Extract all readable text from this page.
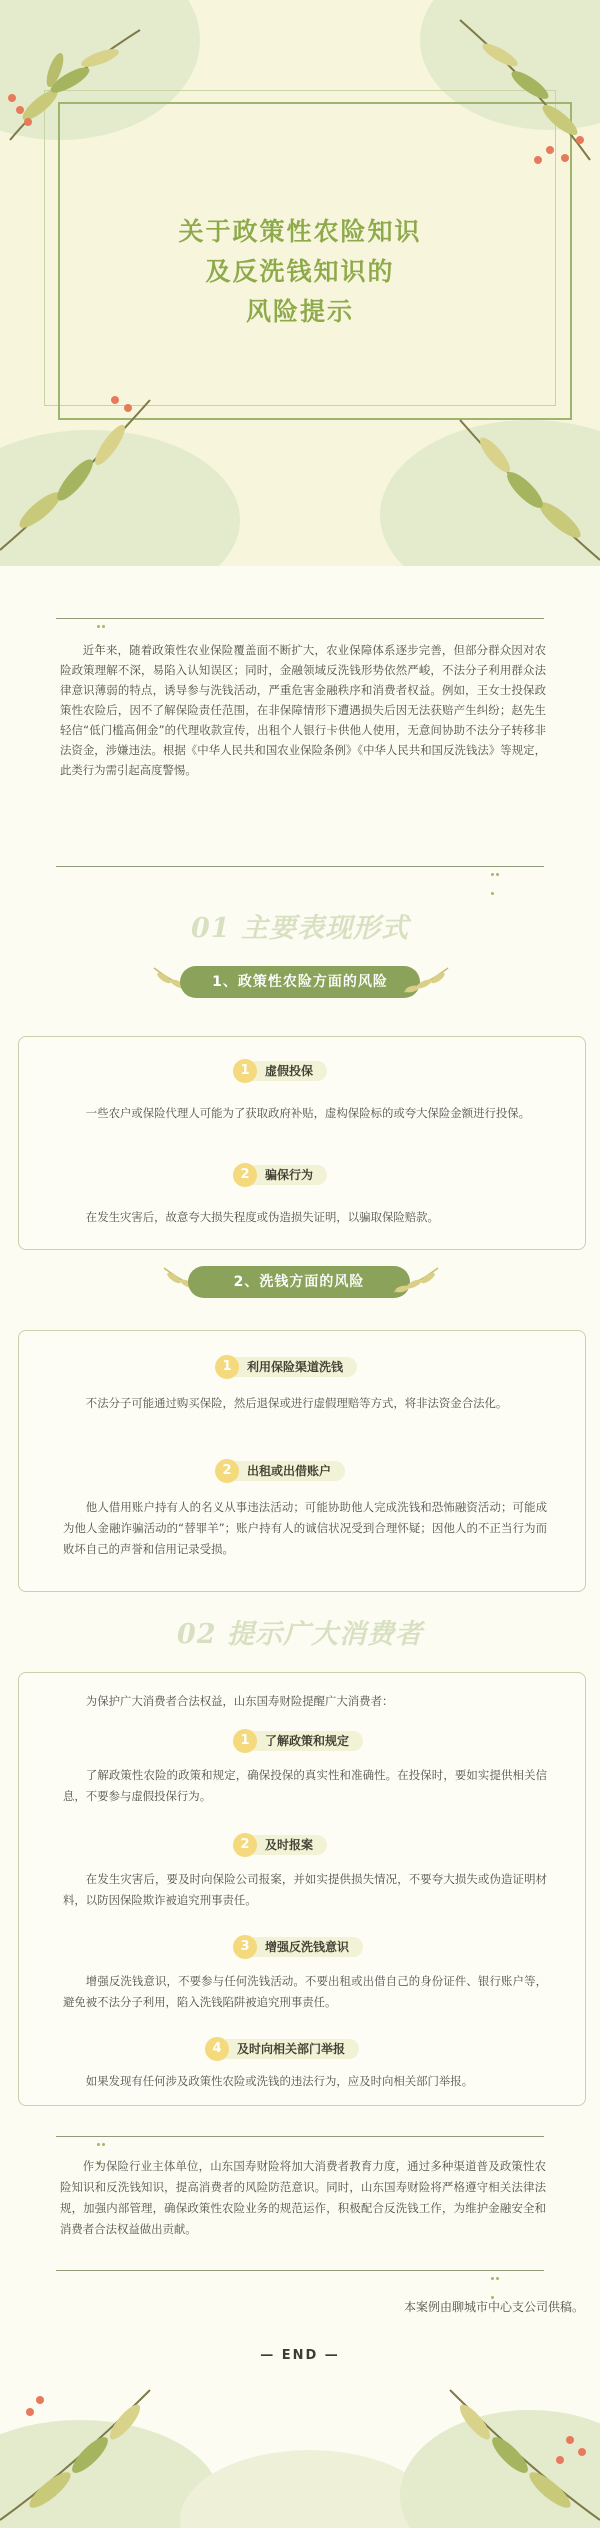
关于政策性农险知识
及反洗钱知识的
风险提示

近年来，随着政策性农业保险覆盖面不断扩大，农业保障体系逐步完善，但部分群众因对农险政策理解不深，易陷入认知误区；同时，金融领域反洗钱形势依然严峻，不法分子利用群众法律意识薄弱的特点，诱导参与洗钱活动，严重危害金融秩序和消费者权益。例如，王女士投保政策性农险后，因不了解保险责任范围，在非保障情形下遭遇损失后因无法获赔产生纠纷；赵先生轻信“低门槛高佣金”的代理收款宣传，出租个人银行卡供他人使用，无意间协助不法分子转移非法资金，涉嫌违法。根据《中华人民共和国农业保险条例》《中华人民共和国反洗钱法》等规定，此类行为需引起高度警惕。

01 主要表现形式
1、政策性农险方面的风险
虚假投保
1

一些农户或保险代理人可能为了获取政府补贴，虚构保险标的或夸大保险金额进行投保。

骗保行为
2

在发生灾害后，故意夸大损失程度或伪造损失证明，以骗取保险赔款。

2、洗钱方面的风险
利用保险渠道洗钱
1

不法分子可能通过购买保险，然后退保或进行虚假理赔等方式，将非法资金合法化。

出租或出借账户
2

他人借用账户持有人的名义从事违法活动；可能协助他人完成洗钱和恐怖融资活动；可能成为他人金融诈骗活动的“替罪羊”；账户持有人的诚信状况受到合理怀疑；因他人的不正当行为而败坏自己的声誉和信用记录受损。

02 提示广大消费者

为保护广大消费者合法权益，山东国寿财险提醒广大消费者：

了解政策和规定
1

了解政策性农险的政策和规定，确保投保的真实性和准确性。在投保时，要如实提供相关信息，不要参与虚假投保行为。

及时报案
2

在发生灾害后，要及时向保险公司报案，并如实提供损失情况，不要夸大损失或伪造证明材料，以防因保险欺诈被追究刑事责任。

增强反洗钱意识
3

增强反洗钱意识，不要参与任何洗钱活动。不要出租或出借自己的身份证件、银行账户等，避免被不法分子利用，陷入洗钱陷阱被追究刑事责任。

及时向相关部门举报
4

如果发现有任何涉及政策性农险或洗钱的违法行为，应及时向相关部门举报。

作为保险行业主体单位，山东国寿财险将加大消费者教育力度，通过多种渠道普及政策性农险知识和反洗钱知识，提高消费者的风险防范意识。同时，山东国寿财险将严格遵守相关法律法规，加强内部管理，确保政策性农险业务的规范运作，积极配合反洗钱工作，为维护金融安全和消费者合法权益做出贡献。

本案例由聊城市中心支公司供稿。
— END —
